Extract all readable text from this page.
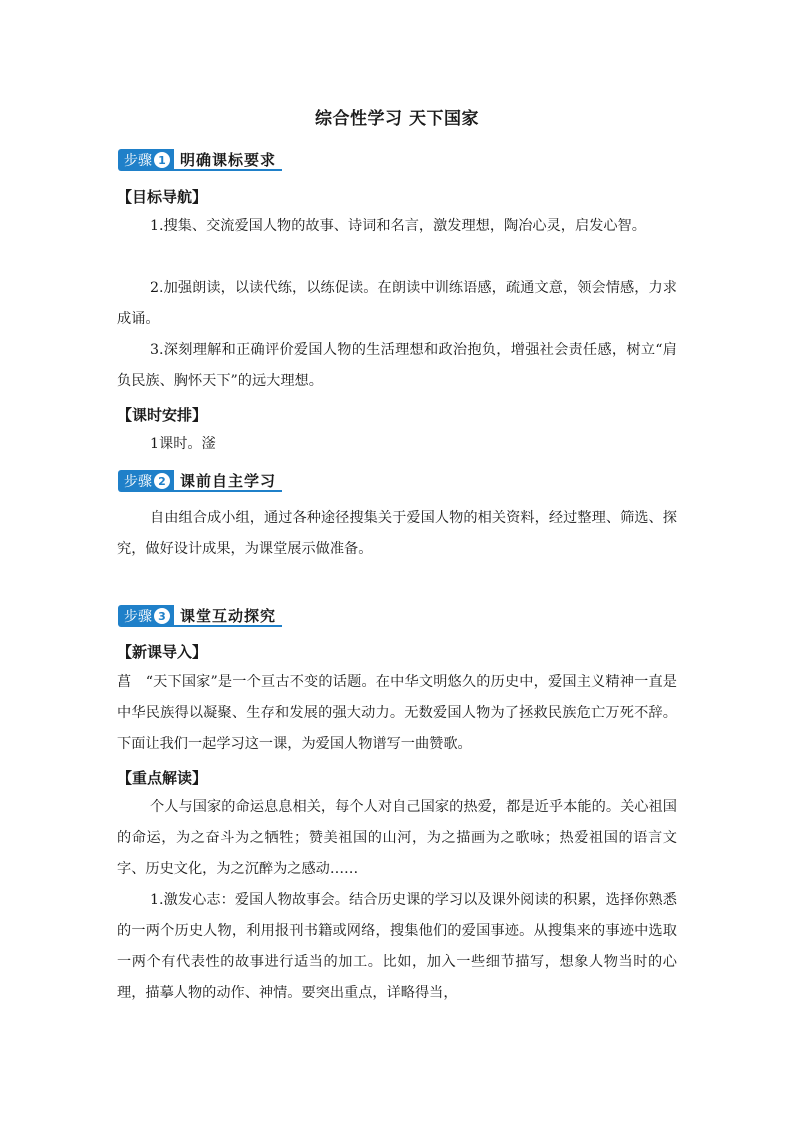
综合性学习 天下国家
步骤 1 明确课标要求
【目标导航】
1.搜集、交流爱国人物的故事、诗词和名言，激发理想，陶冶心灵，启发心智。
2.加强朗读，以读代练，以练促读。在朗读中训练语感，疏通文意，领会情感，力求成诵。
3.深刻理解和正确评价爱国人物的生活理想和政治抱负，增强社会责任感，树立“肩负民族、胸怀天下”的远大理想。
【课时安排】
1课时。滏
步骤 2 课前自主学习
自由组合成小组，通过各种途径搜集关于爱国人物的相关资料，经过整理、筛选、探究，做好设计成果，为课堂展示做准备。
步骤 3 课堂互动探究
【新课导入】
菖　“天下国家”是一个亘古不变的话题。在中华文明悠久的历史中，爱国主义精神一直是中华民族得以凝聚、生存和发展的强大动力。无数爱国人物为了拯救民族危亡万死不辞。下面让我们一起学习这一课，为爱国人物谱写一曲赞歌。
【重点解读】
个人与国家的命运息息相关，每个人对自己国家的热爱，都是近乎本能的。关心祖国的命运，为之奋斗为之牺牲；赞美祖国的山河，为之描画为之歌咏；热爱祖国的语言文字、历史文化，为之沉醉为之感动……
1.激发心志：爱国人物故事会。结合历史课的学习以及课外阅读的积累，选择你熟悉的一两个历史人物，利用报刊书籍或网络，搜集他们的爱国事迹。从搜集来的事迹中选取一两个有代表性的故事进行适当的加工。比如，加入一些细节描写，想象人物当时的心理，描摹人物的动作、神情。要突出重点，详略得当，
